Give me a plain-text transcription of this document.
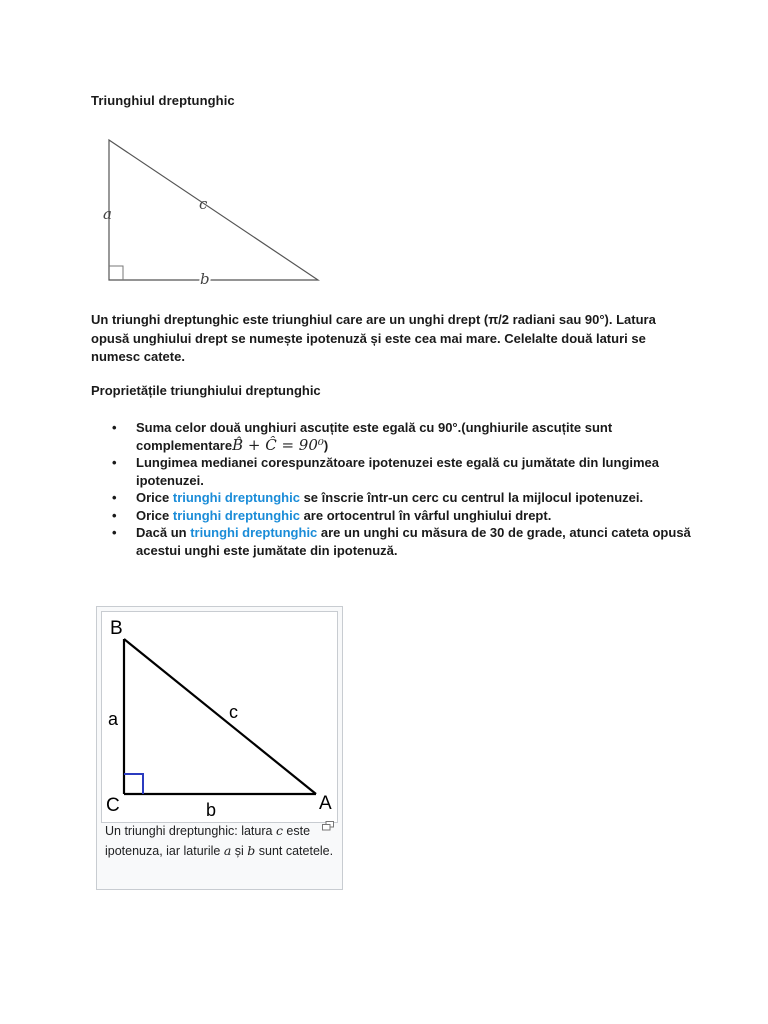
Triunghiul dreptunghic
a
c
b
Un triunghi dreptunghic este triunghiul care are un unghi drept (π/2 radiani sau 90°). Latura opusă unghiului drept se numește ipotenuză și este cea mai mare. Celelalte două laturi se numesc catete.
Proprietățile triunghiului dreptunghic
• Suma celor două unghiuri ascuțite este egală cu 90°.(unghiurile ascuțite sunt complementareB̂ + Ĉ = 90⁰)
• Lungimea medianei corespunzătoare ipotenuzei este egală cu jumătate din lungimea ipotenuzei.
• Orice triunghi dreptunghic se înscrie într-un cerc cu centrul la mijlocul ipotenuzei.
• Orice triunghi dreptunghic are ortocentrul în vârful unghiului drept.
• Dacă un triunghi dreptunghic are un unghi cu măsura de 30 de grade, atunci cateta opusă acestui unghi este jumătate din ipotenuză.
B
C	A
a	c
b
Un triunghi dreptunghic: latura c este ipotenuza, iar laturile a și b sunt catetele.
